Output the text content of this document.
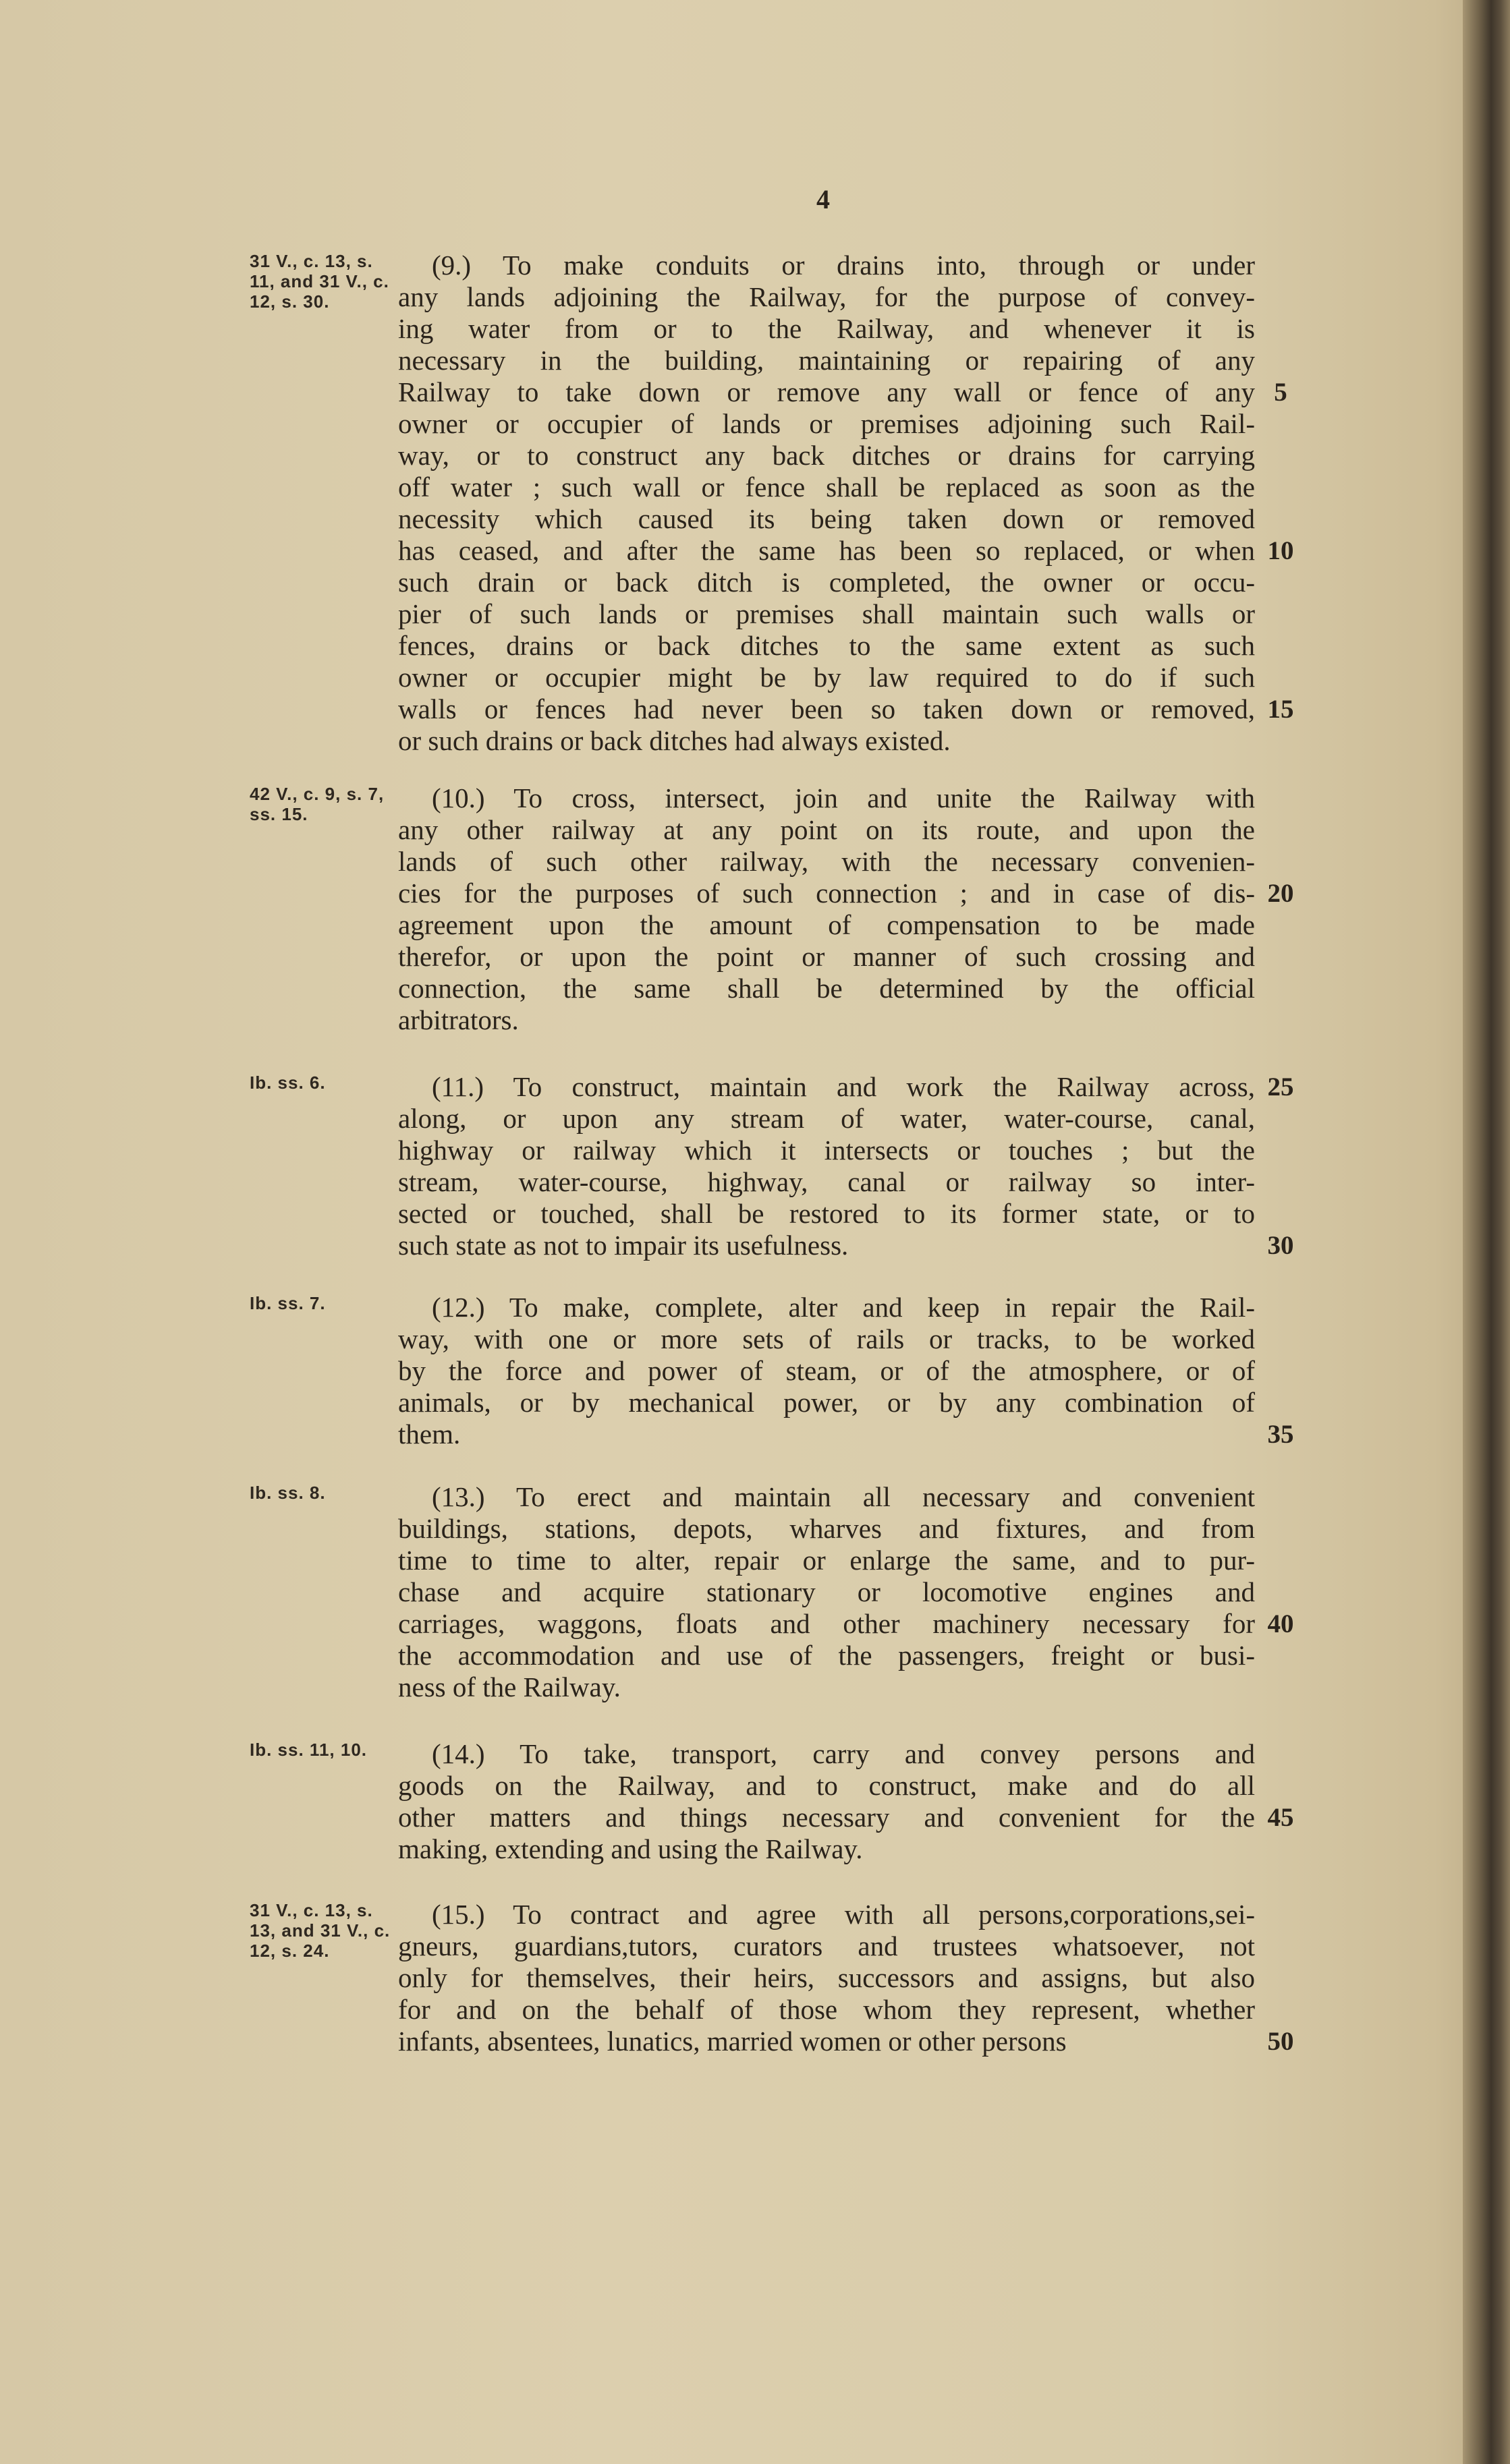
4
31 V., c. 13, s. 11, and 31 V., c. 12, s. 30.
(9.) To make conduits or drains into, through or under
any lands adjoining the Railway, for the purpose of convey-
ing water from or to the Railway, and whenever it is
necessary in the building, maintaining or repairing of any
Railway to take down or remove any wall or fence of any
owner or occupier of lands or premises adjoining such Rail-
way, or to construct any back ditches or drains for carrying
off water ; such wall or fence shall be replaced as soon as the
necessity which caused its being taken down or removed
has ceased, and after the same has been so replaced, or when
such drain or back ditch is completed, the owner or occu-
pier of such lands or premises shall maintain such walls or
fences, drains or back ditches to the same extent as such
owner or occupier might be by law required to do if such
walls or fences had never been so taken down or removed,
or such drains or back ditches had always existed.
42 V., c. 9, s. 7, ss. 15.
(10.) To cross, intersect, join and unite the Railway with
any other railway at any point on its route, and upon the
lands of such other railway, with the necessary convenien-
cies for the purposes of such connection ; and in case of dis-
agreement upon the amount of compensation to be made
therefor, or upon the point or manner of such crossing and
connection, the same shall be determined by the official
arbitrators.
Ib. ss. 6.	(11.) To construct, maintain and work the Railway across,
along, or upon any stream of water, water-course, canal,
highway or railway which it intersects or touches ; but the
stream, water-course, highway, canal or railway so inter-
sected or touched, shall be restored to its former state, or to
such state as not to impair its usefulness.
Ib. ss. 7.	(12.) To make, complete, alter and keep in repair the Rail-
way, with one or more sets of rails or tracks, to be worked
by the force and power of steam, or of the atmosphere, or of
animals, or by mechanical power, or by any combination of
them.
Ib. ss. 8.	(13.) To erect and maintain all necessary and convenient
buildings, stations, depots, wharves and fixtures, and from
time to time to alter, repair or enlarge the same, and to pur-
chase and acquire stationary or locomotive engines and
carriages, waggons, floats and other machinery necessary for
the accommodation and use of the passengers, freight or busi-
ness of the Railway.
Ib. ss. 11, 10.	(14.) To take, transport, carry and convey persons and
goods on the Railway, and to construct, make and do all
other matters and things necessary and convenient for the
making, extending and using the Railway.
31 V., c. 13, s. 13, and 31 V., c. 12, s. 24.
(15.) To contract and agree with all persons,corporations,sei-
gneurs, guardians,tutors, curators and trustees whatsoever, not
only for themselves, their heirs, successors and assigns, but also
for and on the behalf of those whom they represent, whether
infants, absentees, lunatics, married women or other persons
5
10
15
20
25
30
35
40
45
50
